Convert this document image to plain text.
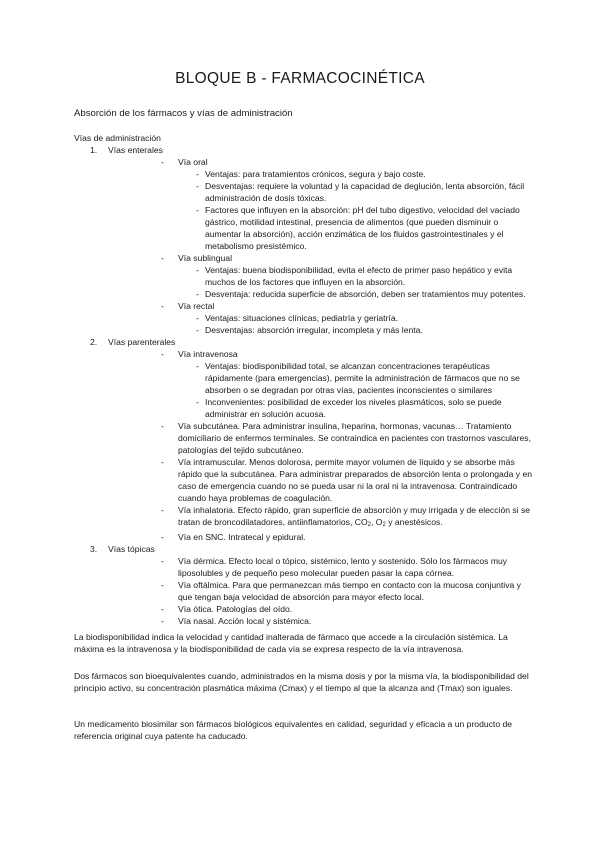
BLOQUE B - FARMACOCINÉTICA

Absorción de los fármacos y vías de administración

Vías de administración

1. Vías enterales
- Vía oral
- Ventajas: para tratamientos crónicos, segura y bajo coste.
- Desventajas: requiere la voluntad y la capacidad de deglución, lenta absorción, fácil administración de dosis tóxicas.
- Factores que influyen en la absorción: pH del tubo digestivo, velocidad del vaciado gástrico, motilidad intestinal, presencia de alimentos (que pueden disminuir o aumentar la absorción), acción enzimática de los fluidos gastrointestinales y el metabolismo presistémico.
- Vía sublingual
- Ventajas: buena biodisponibilidad, evita el efecto de primer paso hepático y evita muchos de los factores que influyen en la absorción.
- Desventaja: reducida superficie de absorción, deben ser tratamientos muy potentes.
- Vía rectal
- Ventajas: situaciones clínicas, pediatría y geriatría.
- Desventajas: absorción irregular, incompleta y más lenta.
2. Vías parenterales
- Vía intravenosa
- Ventajas: biodisponibilidad total, se alcanzan concentraciones terapéuticas rápidamente (para emergencias), permite la administración de fármacos que no se absorben o se degradan por otras vías, pacientes inconscientes o similares
- Inconvenientes: posibilidad de exceder los niveles plasmáticos, solo se puede administrar en solución acuosa.
- Vía subcutánea. Para administrar insulina, heparina, hormonas, vacunas… Tratamiento domiciliario de enfermos terminales. Se contraindica en pacientes con trastornos vasculares, patologías del tejido subcutáneo.
- Vía intramuscular. Menos dolorosa, permite mayor volumen de líquido y se absorbe más rápido que la subcutánea. Para administrar preparados de absorción lenta o prolongada y en caso de emergencia cuando no se pueda usar ni la oral ni la intravenosa. Contraindicado cuando haya problemas de coagulación.
- Vía inhalatoria. Efecto rápido, gran superficie de absorción y muy irrigada y de elección si se tratan de broncodilatadores, antiinflamatorios, $CO_2$, $O_2$ y anestésicos.
- Vía en SNC. Intratecal y epidural.
3. Vías tópicas
- Vía dérmica. Efecto local o tópico, sistémico, lento y sostenido. Sólo los fármacos muy liposolubles y de pequeño peso molecular pueden pasar la capa córnea.
- Vía oftálmica. Para que permanezcan más tiempo en contacto con la mucosa conjuntiva y que tengan baja velocidad de absorción para mayor efecto local.
- Vía ótica. Patologías del oído.
- Vía nasal. Acción local y sistémica.

La biodisponibilidad indica la velocidad y cantidad inalterada de fármaco que accede a la circulación sistémica. La máxima es la intravenosa y la biodisponibilidad de cada vía se expresa respecto de la vía intravenosa.

Dos fármacos son bioequivalentes cuando, administrados en la misma dosis y por la misma vía, la biodisponibilidad del principio activo, su concentración plasmática máxima (Cmax) y el tiempo al que la alcanza and (Tmax) son iguales.

Un medicamento biosimilar son fármacos biológicos equivalentes en calidad, seguridad y eficacia a un producto de referencia original cuya patente ha caducado.
